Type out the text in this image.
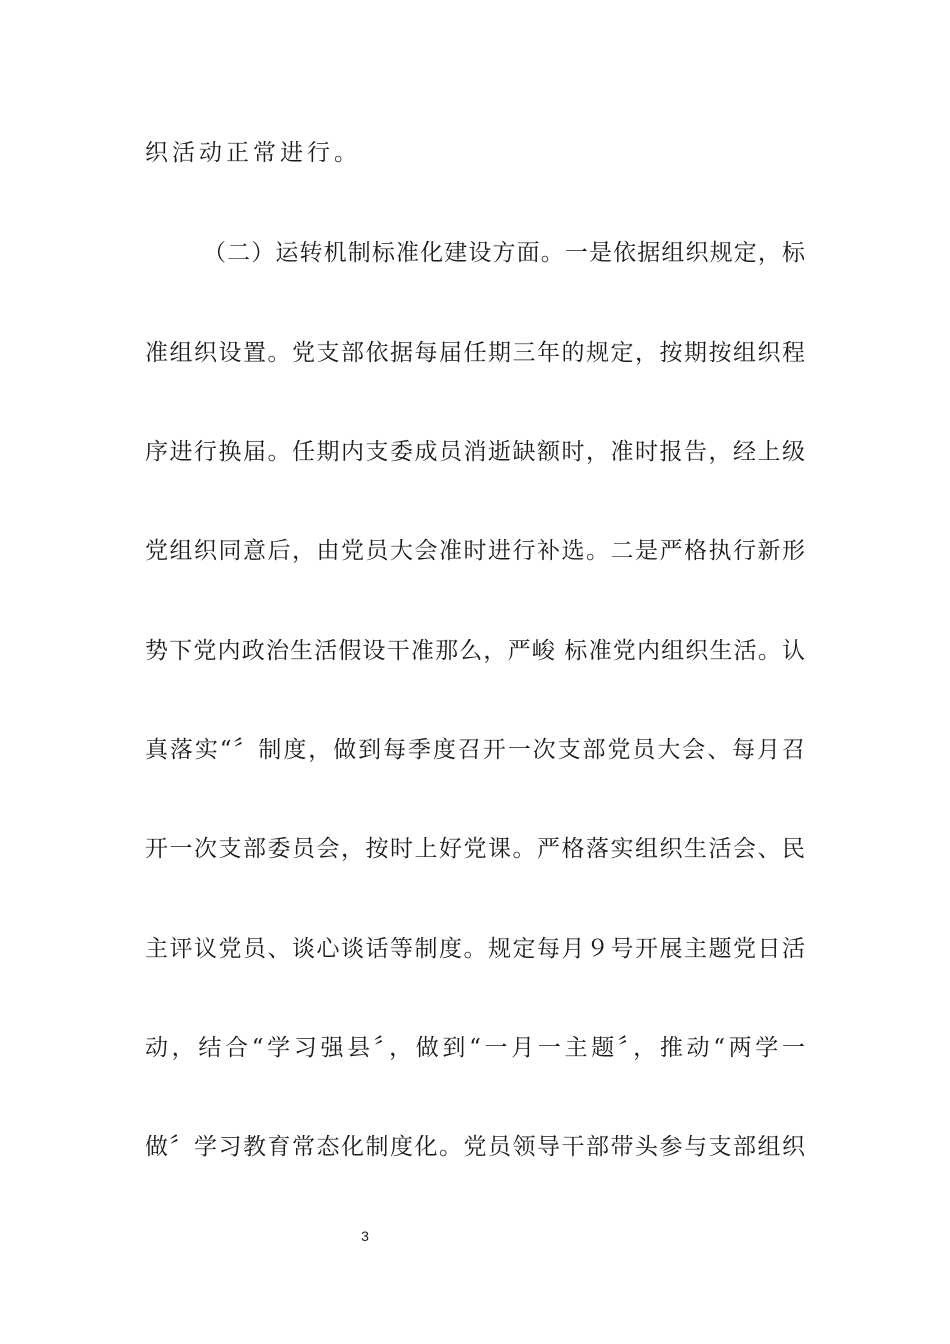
织活动正常进行。
（二）运转机制标准化建设方面。一是依据组织规定，标
准组织设置。党支部依据每届任期三年的规定，按期按组织程
序进行换届。任期内支委成员消逝缺额时，准时报告，经上级
党组织同意后，由党员大会准时进行补选。二是严格执行新形
势下党内政治生活假设干准那么，严峻 标准党内组织生活。认
真落实“〞制度，做到每季度召开一次支部党员大会、每月召
开一次支部委员会，按时上好党课。严格落实组织生活会、民
主评议党员、谈心谈话等制度。规定每月９号开展主题党日活
动，结合“学习强县〞，做到“一月一主题〞，推动“两学一
做〞学习教育常态化制度化。党员领导干部带头参与支部组织
3
